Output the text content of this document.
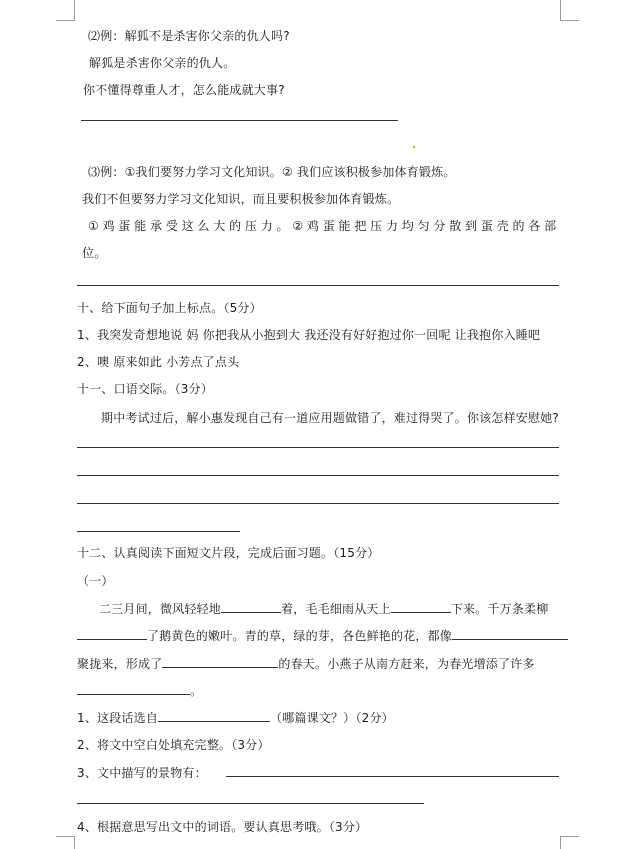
⑵例：解狐不是杀害你父亲的仇人吗?
解狐是杀害你父亲的仇人。
你不懂得尊重人才，怎么能成就大事?
⑶例：①我们要努力学习文化知识。② 我们应该积极参加体育锻炼。
我们不但要努力学习文化知识，而且要积极参加体育锻炼。
① 鸡 蛋 能 承 受 这 么 大 的 压 力 。 ② 鸡 蛋 能 把 压 力 均 匀 分 散 到 蛋 壳 的 各 部
位。
十、给下面句子加上标点。（5分）
1、我突发奇想地说 妈 你把我从小抱到大 我还没有好好抱过你一回呢 让我抱你入睡吧
2、噢 原来如此 小芳点了点头
十一、口语交际。（3分）
期中考试过后，解小惠发现自己有一道应用题做错了，难过得哭了。你该怎样安慰她?
十二、认真阅读下面短文片段，完成后面习题。（15分）
（一）
二三月间，微风轻轻地	着，毛毛细雨从天上	下来。千万条柔柳
了鹅黄色的嫩叶。青的草，绿的芽，各色鲜艳的花，都像
聚拢来，形成了	的春天。小燕子从南方赶来，为春光增添了许多
。
1、这段话选自	（哪篇课文？）（2分）
2、将文中空白处填充完整。（3分）
3、文中描写的景物有：
4、根据意思写出文中的词语。要认真思考哦。（3分）
